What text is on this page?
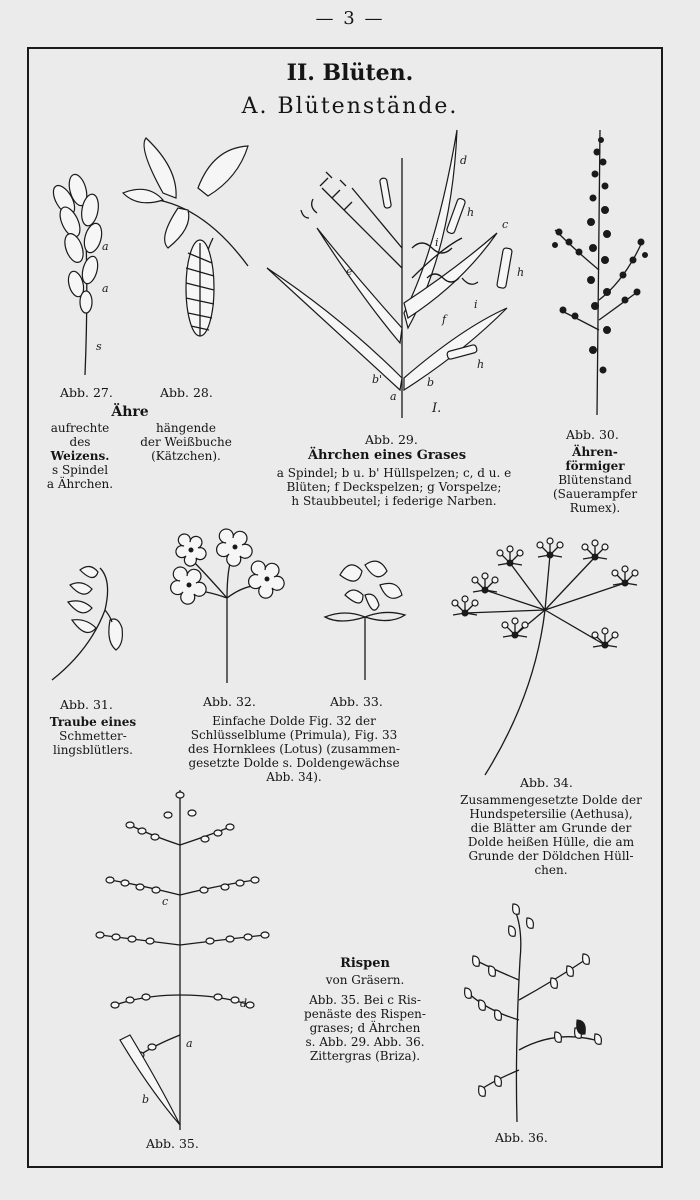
— 3 —
II. Blüten.
A. Blütenstände.
a
a
s
Abb. 27.	Abb. 28.
Ähre
aufrechte
des
Weizens.
s Spindel
a Ährchen.
hängende
der Weißbuche
(Kätzchen).
d
h
c
i
h
e
i
f
h
b'	b
a
I.
Abb. 29.
Ährchen eines Grases
a Spindel; b u. b' Hüllspelzen; c, d u. e
Blüten; f Deckspelzen; g Vorspelze;
h Staubbeutel; i federige Narben.
Abb. 30.
Ähren-
förmiger
Blütenstand
(Sauerampfer
Rumex).
Abb. 31.	Abb. 32.	Abb. 33.
Traube eines
Schmetter-
lingsblütlers.
Einfache Dolde Fig. 32 der
Schlüsselblume (Primula), Fig. 33
des Hornklees (Lotus) (zusammen-
gesetzte Dolde s. Doldengewächse
Abb. 34).	Abb. 34.
Zusammengesetzte Dolde der
Hundspetersilie (Aethusa),
die Blätter am Grunde der
Dolde heißen Hülle, die am
Grunde der Döldchen Hüll-
chen.
c
d
a
b
Abb. 35.
Rispen
von Gräsern.
Abb. 35. Bei c Ris-
penäste des Rispen-
grases; d Ährchen
s. Abb. 29. Abb. 36.
Zittergras (Briza).
Abb. 36.
